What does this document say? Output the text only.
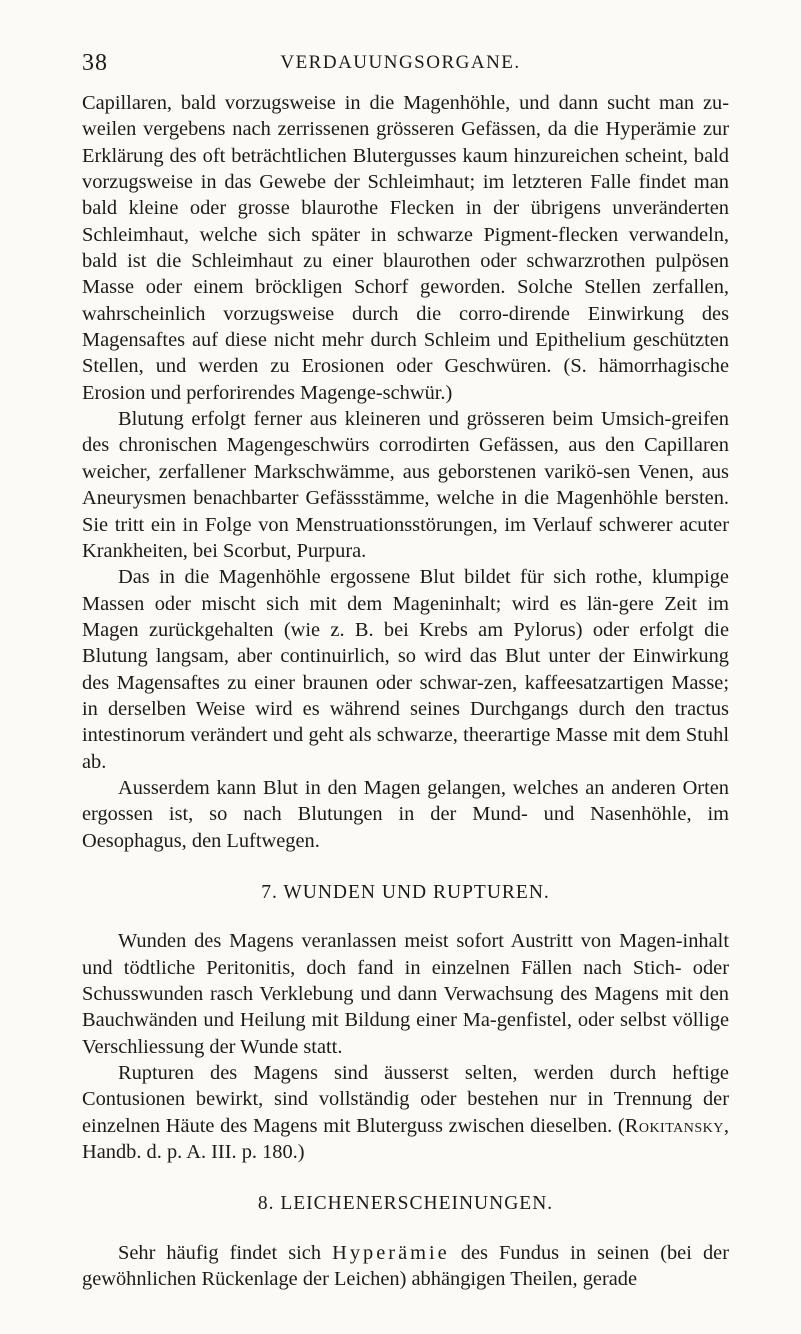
38	VERDAUUNGSORGANE.

Capillaren, bald vorzugsweise in die Magenhöhle, und dann sucht man zu-weilen vergebens nach zerrissenen grösseren Gefässen, da die Hyperämie zur Erklärung des oft beträchtlichen Blutergusses kaum hinzureichen scheint, bald vorzugsweise in das Gewebe der Schleimhaut; im letzteren Falle findet man bald kleine oder grosse blaurothe Flecken in der übrigens unveränderten Schleimhaut, welche sich später in schwarze Pigment-flecken verwandeln, bald ist die Schleimhaut zu einer blaurothen oder schwarzrothen pulpösen Masse oder einem bröckligen Schorf geworden. Solche Stellen zerfallen, wahrscheinlich vorzugsweise durch die corro-dirende Einwirkung des Magensaftes auf diese nicht mehr durch Schleim und Epithelium geschützten Stellen, und werden zu Erosionen oder Geschwüren. (S. hämorrhagische Erosion und perforirendes Magenge-schwür.)

Blutung erfolgt ferner aus kleineren und grösseren beim Umsich-greifen des chronischen Magengeschwürs corrodirten Gefässen, aus den Capillaren weicher, zerfallener Markschwämme, aus geborstenen varikö-sen Venen, aus Aneurysmen benachbarter Gefässstämme, welche in die Magenhöhle bersten. Sie tritt ein in Folge von Menstruationsstörungen, im Verlauf schwerer acuter Krankheiten, bei Scorbut, Purpura.

Das in die Magenhöhle ergossene Blut bildet für sich rothe, klumpige Massen oder mischt sich mit dem Mageninhalt; wird es län-gere Zeit im Magen zurückgehalten (wie z. B. bei Krebs am Pylorus) oder erfolgt die Blutung langsam, aber continuirlich, so wird das Blut unter der Einwirkung des Magensaftes zu einer braunen oder schwar-zen, kaffeesatzartigen Masse; in derselben Weise wird es während seines Durchgangs durch den tractus intestinorum verändert und geht als schwarze, theerartige Masse mit dem Stuhl ab.

Ausserdem kann Blut in den Magen gelangen, welches an anderen Orten ergossen ist, so nach Blutungen in der Mund- und Nasenhöhle, im Oesophagus, den Luftwegen.

7. WUNDEN UND RUPTUREN.

Wunden des Magens veranlassen meist sofort Austritt von Magen-inhalt und tödtliche Peritonitis, doch fand in einzelnen Fällen nach Stich- oder Schusswunden rasch Verklebung und dann Verwachsung des Magens mit den Bauchwänden und Heilung mit Bildung einer Ma-genfistel, oder selbst völlige Verschliessung der Wunde statt.

Rupturen des Magens sind äusserst selten, werden durch heftige Contusionen bewirkt, sind vollständig oder bestehen nur in Trennung der einzelnen Häute des Magens mit Bluterguss zwischen dieselben. (Rokitansky, Handb. d. p. A. III. p. 180.)

8. LEICHENERSCHEINUNGEN.

Sehr häufig findet sich Hyperämie des Fundus in seinen (bei der gewöhnlichen Rückenlage der Leichen) abhängigen Theilen, gerade
